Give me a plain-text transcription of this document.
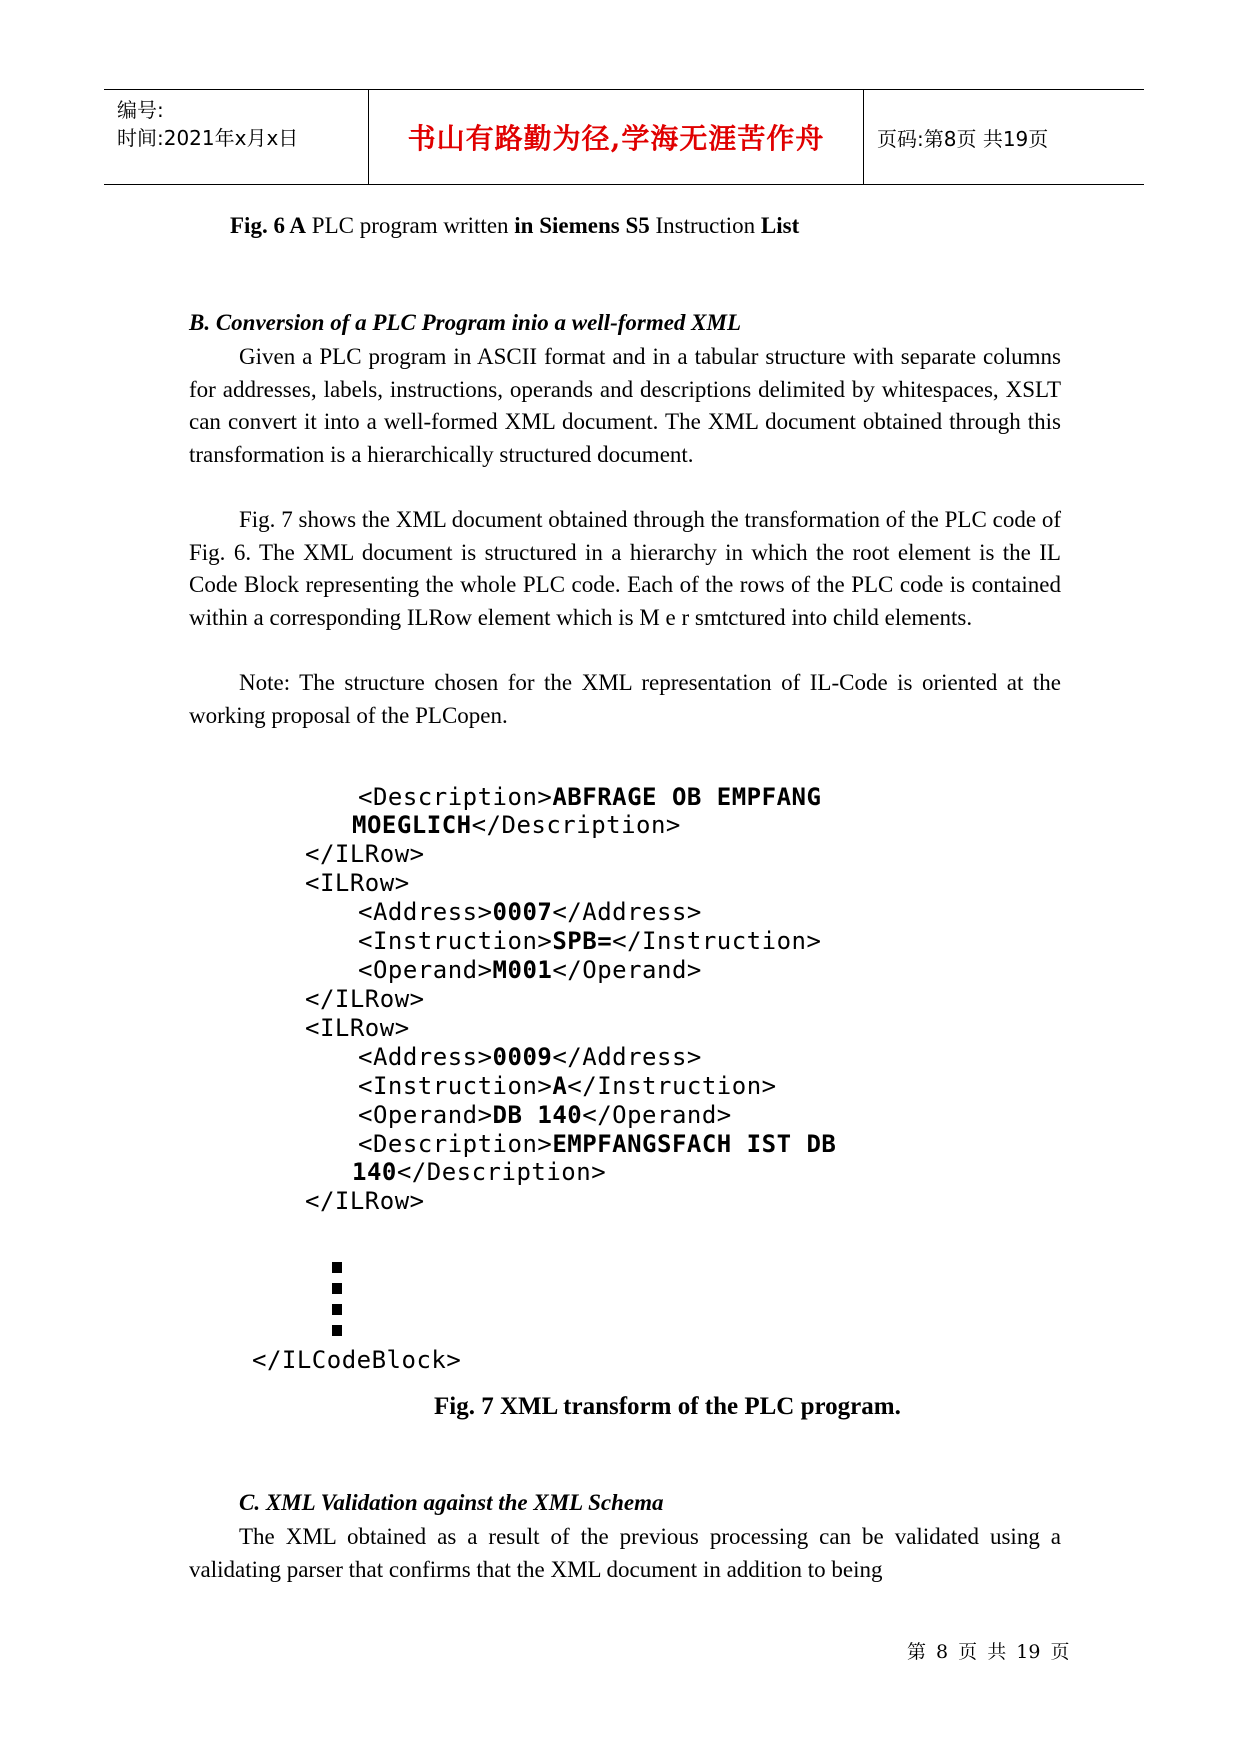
编号:
时间:2021年x月x日	书山有路勤为径,学海无涯苦作舟	页码:第8页 共19页
Fig. 6 A PLC program written in Siemens S5 Instruction List
B. Conversion of a PLC Program inio a well-formed XML

Given a PLC program in ASCII format and in a tabular structure with separate columns for addresses, labels, instructions, operands and descriptions delimited by whitespaces, XSLT can convert it into a well-formed XML document. The XML document obtained through this transformation is a hierarchically structured document.

Fig. 7 shows the XML document obtained through the transformation of the PLC code of Fig. 6. The XML document is structured in a hierarchy in which the root element is the IL Code Block representing the whole PLC code. Each of the rows of the PLC code is contained within a corresponding ILRow element which is M e r smtctured into child elements.

Note: The structure chosen for the XML representation of IL-Code is oriented at the working proposal of the PLCopen.

<Description>ABFRAGE OB EMPFANG
MOEGLICH</Description>
</ILRow>
<ILRow>
<Address>0007</Address>
<Instruction>SPB=</Instruction>
<Operand>M001</Operand>
</ILRow>
<ILRow>
<Address>0009</Address>
<Instruction>A</Instruction>
<Operand>DB 140</Operand>
<Description>EMPFANGSFACH IST DB
140</Description>
</ILRow>
</ILCodeBlock>
Fig. 7 XML transform of the PLC program.
C. XML Validation against the XML Schema

The XML obtained as a result of the previous processing can be validated using a validating parser that confirms that the XML document in addition to being

第 8 页 共 19 页
